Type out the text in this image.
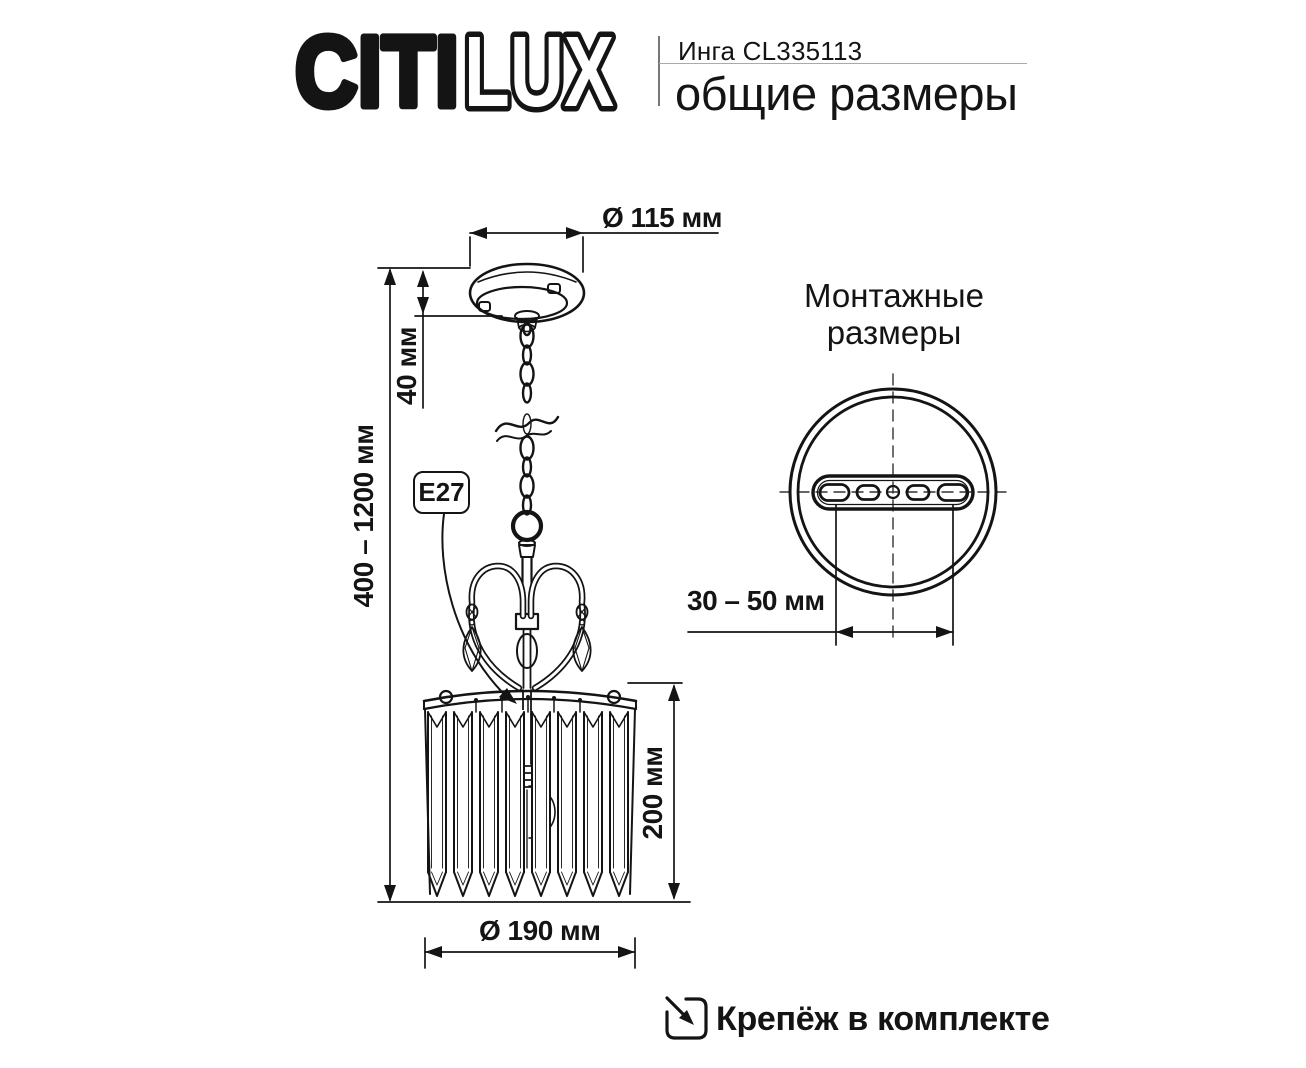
CITI LUX Инга CL335113
общие размеры
Ø 115 мм
400 – 1200 мм
40 мм
E27
200 мм
Ø 190 мм
Монтажные
размеры
30 – 50 мм
Крепёж в комплекте
